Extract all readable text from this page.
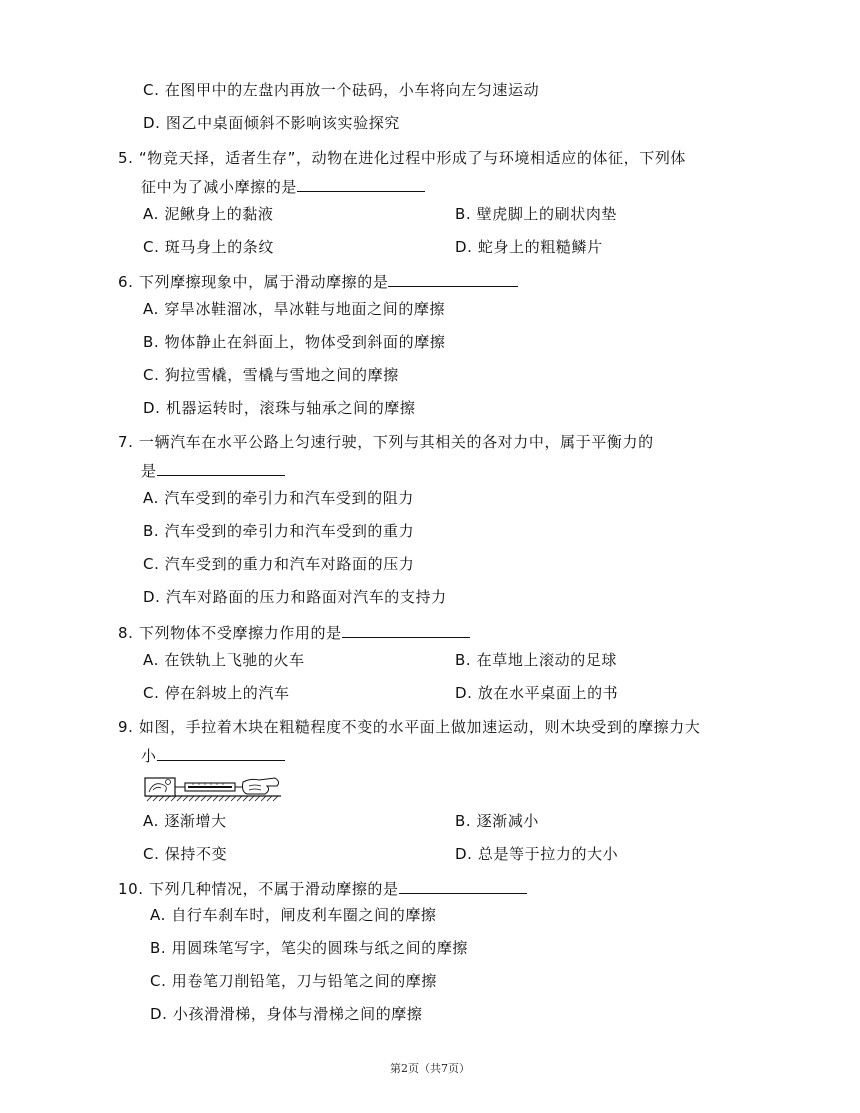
C. 在图甲中的左盘内再放一个砝码，小车将向左匀速运动
D. 图乙中桌面倾斜不影响该实验探究
5. “物竞天择，适者生存”，动物在进化过程中形成了与环境相适应的体征，下列体
征中为了减小摩擦的是
A. 泥鳅身上的黏液	B. 壁虎脚上的刷状肉垫
C. 斑马身上的条纹	D. 蛇身上的粗糙鳞片
6. 下列摩擦现象中，属于滑动摩擦的是
A. 穿旱冰鞋溜冰，旱冰鞋与地面之间的摩擦
B. 物体静止在斜面上，物体受到斜面的摩擦
C. 狗拉雪橇，雪橇与雪地之间的摩擦
D. 机器运转时，滚珠与轴承之间的摩擦
7. 一辆汽车在水平公路上匀速行驶，下列与其相关的各对力中，属于平衡力的
是
A. 汽车受到的牵引力和汽车受到的阻力
B. 汽车受到的牵引力和汽车受到的重力
C. 汽车受到的重力和汽车对路面的压力
D. 汽车对路面的压力和路面对汽车的支持力
8. 下列物体不受摩擦力作用的是
A. 在铁轨上飞驰的火车	B. 在草地上滚动的足球
C. 停在斜坡上的汽车	D. 放在水平桌面上的书
9. 如图，手拉着木块在粗糙程度不变的水平面上做加速运动，则木块受到的摩擦力大
小
A. 逐渐增大	B. 逐渐减小
C. 保持不变	D. 总是等于拉力的大小
10. 下列几种情况，不属于滑动摩擦的是
A. 自行车刹车时，闸皮利车圈之间的摩擦
B. 用圆珠笔写字，笔尖的圆珠与纸之间的摩擦
C. 用卷笔刀削铅笔，刀与铅笔之间的摩擦
D. 小孩滑滑梯，身体与滑梯之间的摩擦
第2页（共7页）
